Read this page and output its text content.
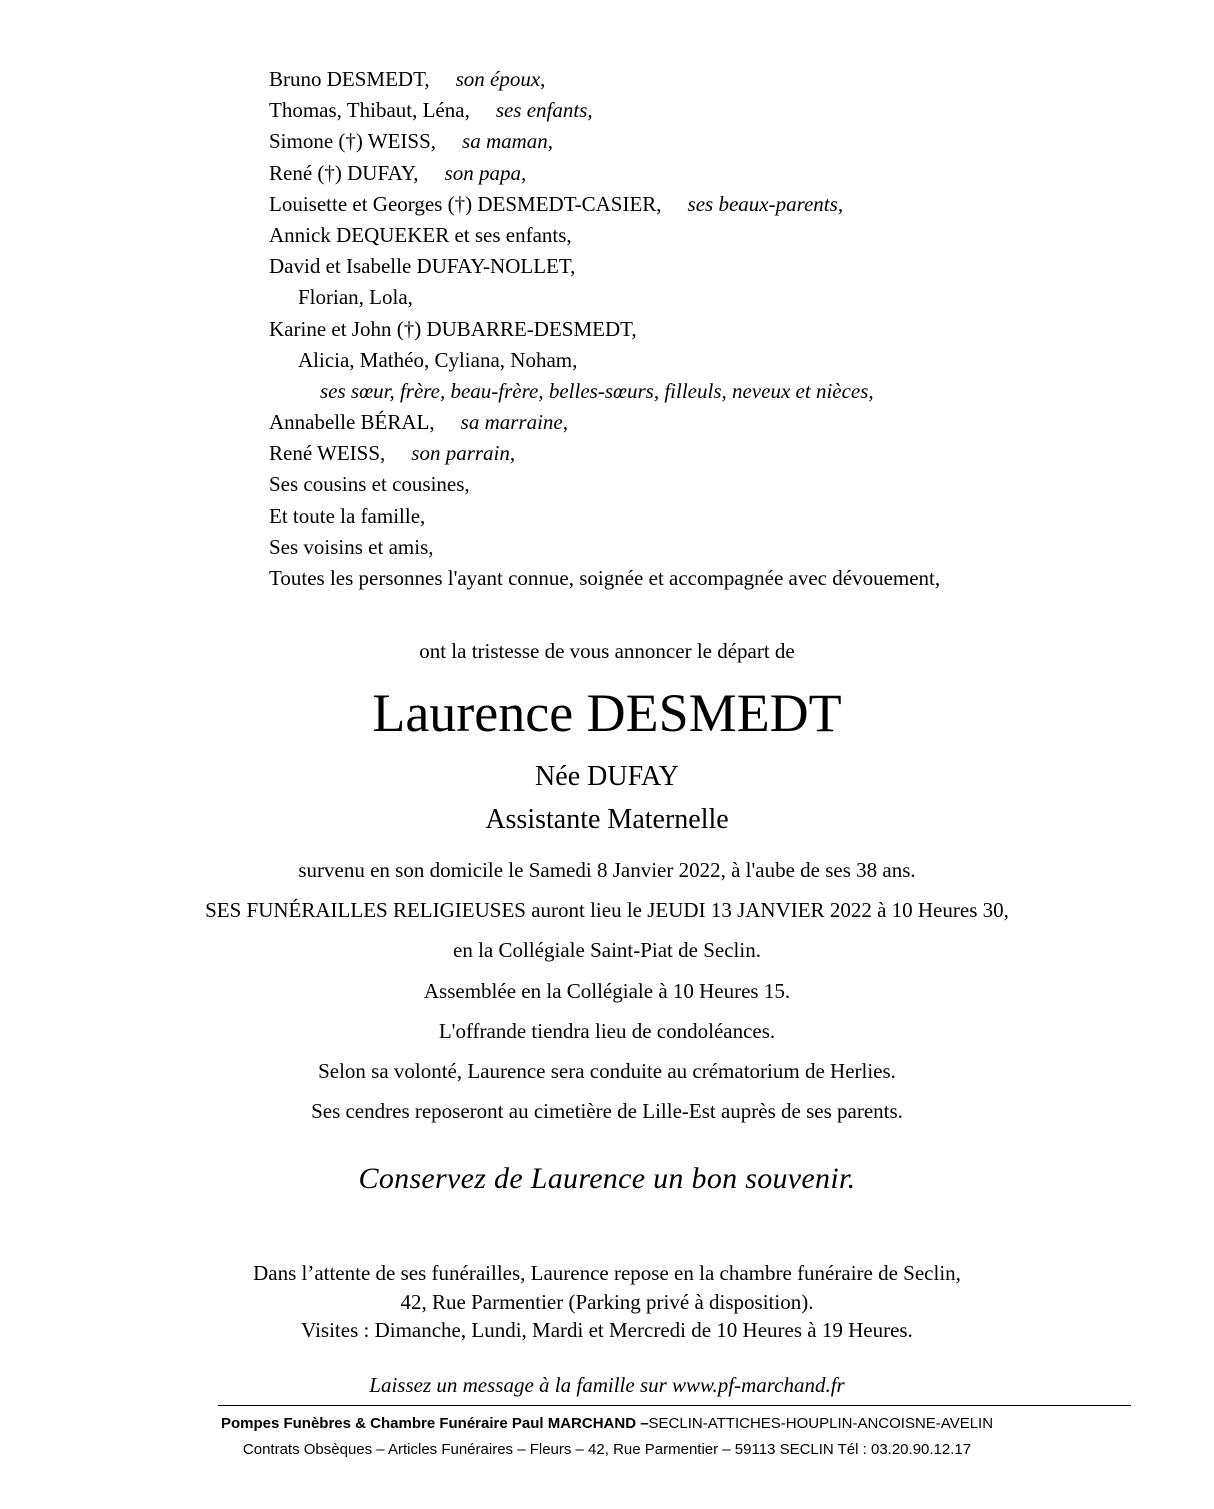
Bruno DESMEDT, son époux,
Thomas, Thibaut, Léna, ses enfants,
Simone (†) WEISS, sa maman,
René (†) DUFAY, son papa,
Louisette et Georges (†) DESMEDT-CASIER, ses beaux-parents,
Annick DEQUEKER et ses enfants,
David et Isabelle DUFAY-NOLLET,
Florian, Lola,
Karine et John (†) DUBARRE-DESMEDT,
Alicia, Mathéo, Cyliana, Noham,
ses sœur, frère, beau-frère, belles-sœurs, filleuls, neveux et nièces,
Annabelle BÉRAL, sa marraine,
René WEISS, son parrain,
Ses cousins et cousines,
Et toute la famille,
Ses voisins et amis,
Toutes les personnes l'ayant connue, soignée et accompagnée avec dévouement,
ont la tristesse de vous annoncer le départ de
Laurence DESMEDT
Née DUFAY
Assistante Maternelle
survenu en son domicile le Samedi 8 Janvier 2022, à l'aube de ses 38 ans.
SES FUNÉRAILLES RELIGIEUSES auront lieu le JEUDI 13 JANVIER 2022 à 10 Heures 30,
en la Collégiale Saint-Piat de Seclin.
Assemblée en la Collégiale à 10 Heures 15.
L'offrande tiendra lieu de condoléances.
Selon sa volonté, Laurence sera conduite au crématorium de Herlies.
Ses cendres reposeront au cimetière de Lille-Est auprès de ses parents.
Conservez de Laurence un bon souvenir.
Dans l’attente de ses funérailles, Laurence repose en la chambre funéraire de Seclin,
42, Rue Parmentier (Parking privé à disposition).
Visites : Dimanche, Lundi, Mardi et Mercredi de 10 Heures à 19 Heures.
Laissez un message à la famille sur www.pf-marchand.fr
Pompes Funèbres & Chambre Funéraire Paul MARCHAND –SECLIN-ATTICHES-HOUPLIN-ANCOISNE-AVELIN
Contrats Obsèques – Articles Funéraires – Fleurs – 42, Rue Parmentier – 59113 SECLIN Tél : 03.20.90.12.17
